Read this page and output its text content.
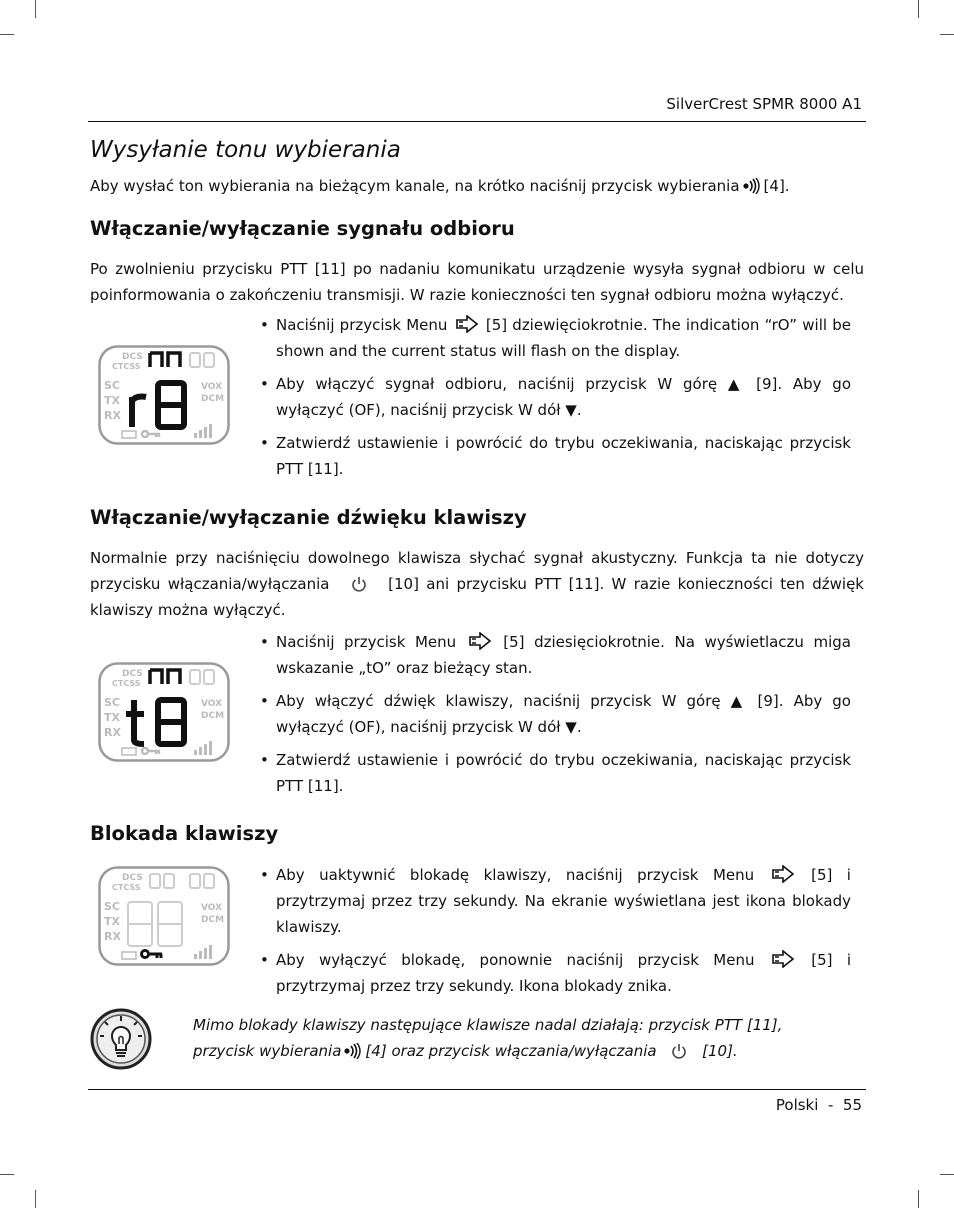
SilverCrest SPMR 8000 A1
Wysyłanie tonu wybierania

Aby wysłać ton wybierania na bieżącym kanale, na krótko naciśnij przycisk wybierania [4].

Włączanie/wyłączanie sygnału odbioru

Po zwolnieniu przycisku PTT [11] po nadaniu komunikatu urządzenie wysyła sygnał odbioru w celu poinformowania o zakończeniu transmisji. W razie konieczności ten sygnał odbioru można wyłączyć.

DCS
CTCSS
SC
TX
RX
VOX
DCM
• Naciśnij przycisk Menu	[5] dziewięciokrotnie. The indication “rO” will be shown and the current status will flash on the display.
• Aby włączyć sygnał odbioru, naciśnij przycisk W górę ▲ [9]. Aby go wyłączyć (OF), naciśnij przycisk W dół ▼.
• Zatwierdź ustawienie i powrócić do trybu oczekiwania, naciskając przycisk PTT [11].
Włączanie/wyłączanie dźwięku klawiszy

Normalnie przy naciśnięciu dowolnego klawisza słychać sygnał akustyczny. Funkcja ta nie dotyczy przycisku włączania/wyłączania	[10] ani przycisku PTT [11]. W razie konieczności ten dźwięk klawiszy można wyłączyć.

DCS
CTCSS
SC
TX
RX
VOX
DCM
• Naciśnij przycisk Menu	[5] dziesięciokrotnie. Na wyświetlaczu miga wskazanie „tO” oraz bieżący stan.
• Aby włączyć dźwięk klawiszy, naciśnij przycisk W górę ▲ [9]. Aby go wyłączyć (OF), naciśnij przycisk W dół ▼.
• Zatwierdź ustawienie i powrócić do trybu oczekiwania, naciskając przycisk PTT [11].
Blokada klawiszy
DCS
CTCSS
SC
TX
RX
VOX
DCM
• Aby uaktywnić blokadę klawiszy, naciśnij przycisk Menu	[5] i przytrzymaj przez trzy sekundy. Na ekranie wyświetlana jest ikona blokady klawiszy.
• Aby wyłączyć blokadę, ponownie naciśnij przycisk Menu	[5] i przytrzymaj przez trzy sekundy. Ikona blokady znika.

Mimo blokady klawiszy następujące klawisze nadal działają: przycisk PTT [11], przycisk wybierania [4] oraz przycisk włączania/wyłączania	[10].

Polski  -  55
